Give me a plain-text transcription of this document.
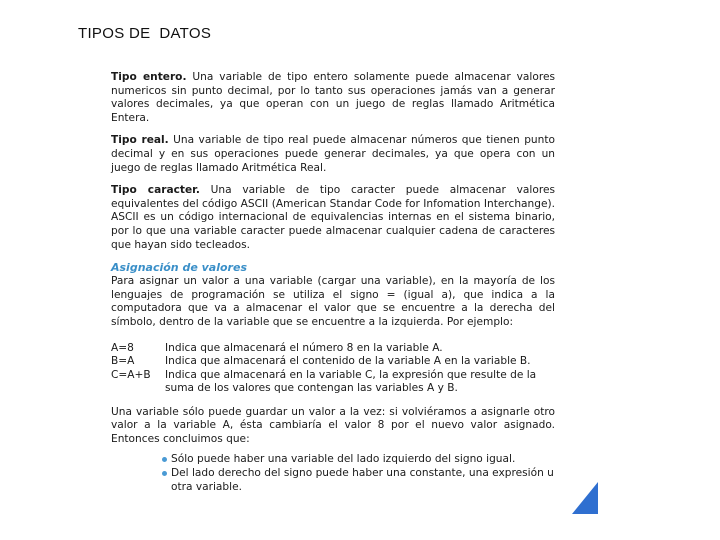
TIPOS DE  DATOS

Tipo entero. Una variable de tipo entero solamente puede almacenar valores numericos sin punto decimal, por lo tanto sus operaciones jamás van a generar valores decimales, ya que operan con un juego de reglas llamado Aritmética Entera.

Tipo real. Una variable de tipo real puede almacenar números que tienen punto decimal y en sus operaciones puede generar decimales, ya que opera con un juego de reglas llamado Aritmética Real.

Tipo caracter. Una variable de tipo caracter puede almacenar valores equivalentes del código ASCII (American Standar Code for Infomation Interchange). ASCII es un código internacional de equivalencias internas en el sistema binario, por lo que una variable caracter puede almacenar cualquier cadena de caracteres que hayan sido tecleados.

Asignación de valores

Para asignar un valor a una variable (cargar una variable), en la mayoría de los lenguajes de programación se utiliza el signo = (igual a), que indica a la computadora que va a almacenar el valor que se encuentre a la derecha del símbolo, dentro de la variable que se encuentre a la izquierda. Por ejemplo:

A=8	Indica que almacenará el número 8 en la variable A.
B=A	Indica que almacenará el contenido de la variable A en la variable B.
C=A+B	Indica que almacenará en la variable C, la expresión que resulte de la suma de los valores que contengan las variables A y B.

Una variable sólo puede guardar un valor a la vez: si volviéramos a asignarle otro valor a la variable A, ésta cambiaría el valor 8 por el nuevo valor asignado. Entonces concluimos que:

Sólo puede haber una variable del lado izquierdo del signo igual.
Del lado derecho del signo puede haber una constante, una expresión u otra variable.
